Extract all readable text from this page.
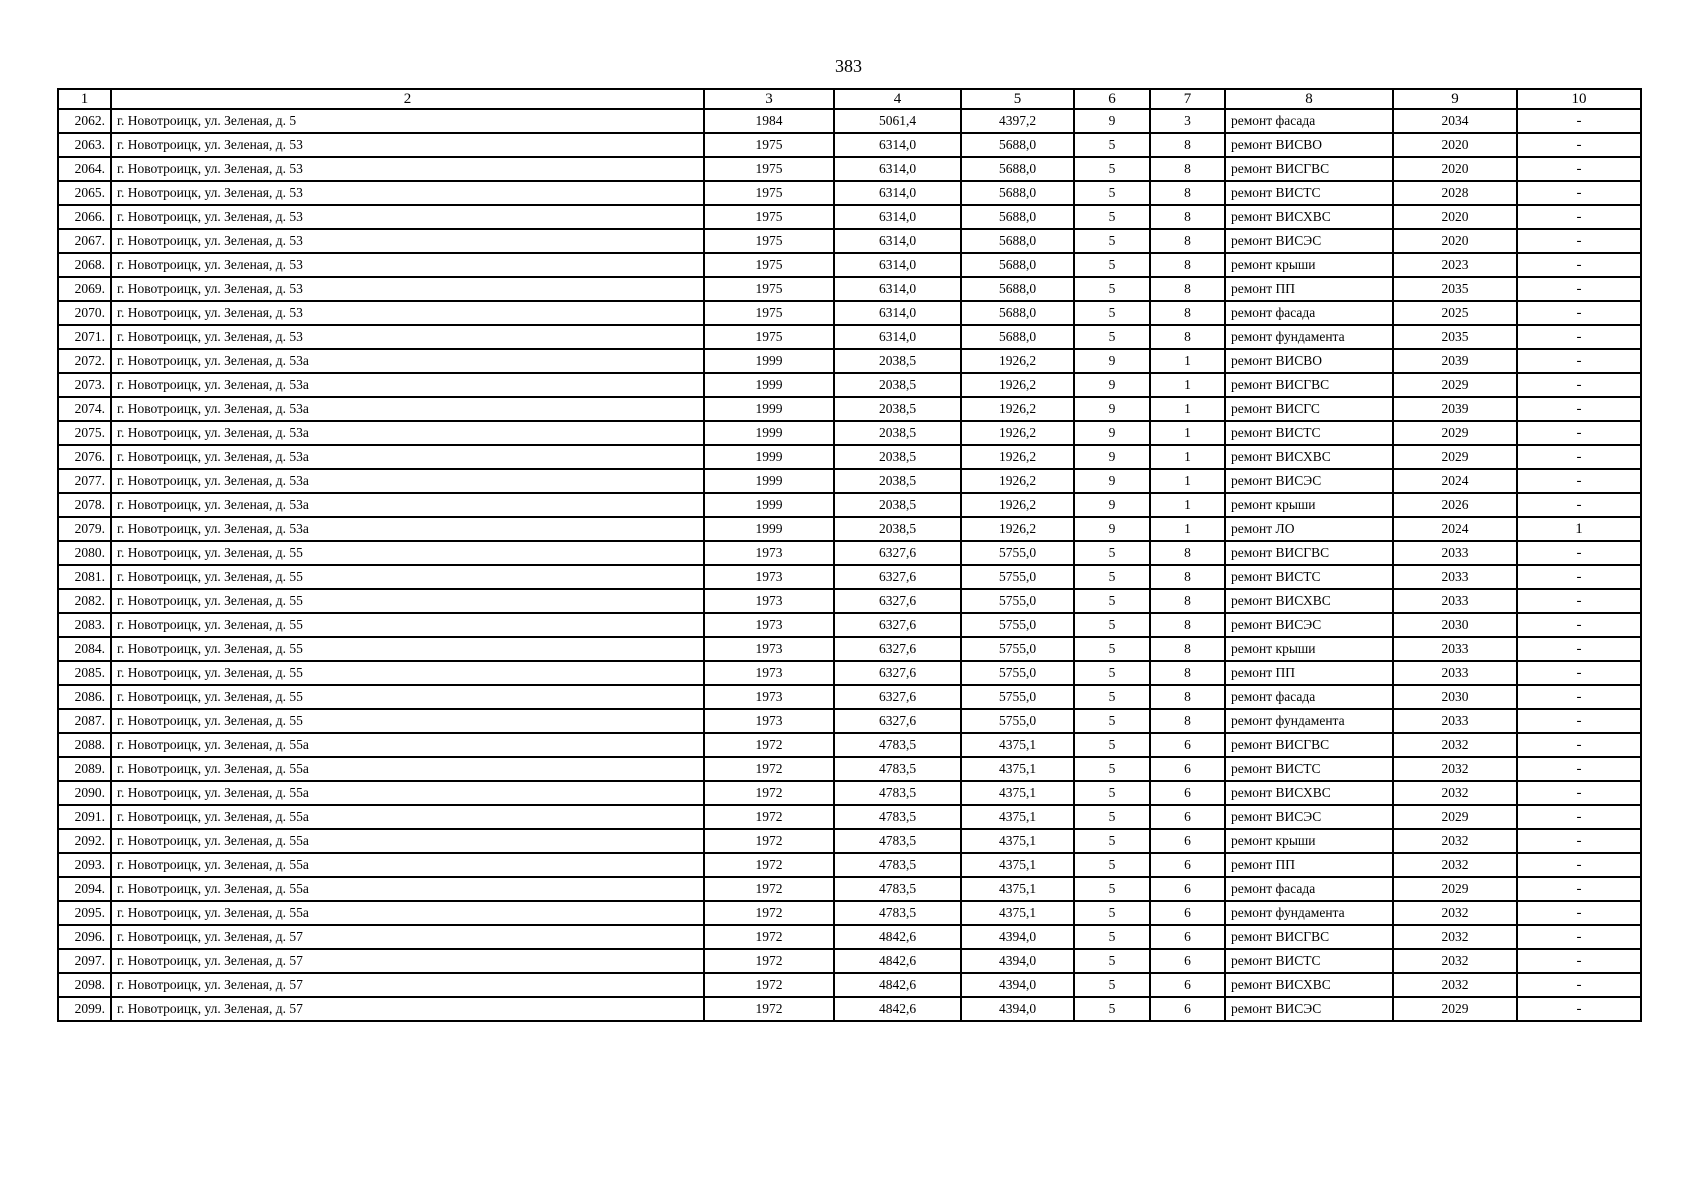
383
1	2	3	4	5	6	7	8	9	10
2062.	г. Новотроицк, ул. Зеленая, д. 5	1984	5061,4	4397,2	9	3	ремонт фасада	2034	-
2063.	г. Новотроицк, ул. Зеленая, д. 53	1975	6314,0	5688,0	5	8	ремонт ВИСВО	2020	-
2064.	г. Новотроицк, ул. Зеленая, д. 53	1975	6314,0	5688,0	5	8	ремонт ВИСГВС	2020	-
2065.	г. Новотроицк, ул. Зеленая, д. 53	1975	6314,0	5688,0	5	8	ремонт ВИСТС	2028	-
2066.	г. Новотроицк, ул. Зеленая, д. 53	1975	6314,0	5688,0	5	8	ремонт ВИСХВС	2020	-
2067.	г. Новотроицк, ул. Зеленая, д. 53	1975	6314,0	5688,0	5	8	ремонт ВИСЭС	2020	-
2068.	г. Новотроицк, ул. Зеленая, д. 53	1975	6314,0	5688,0	5	8	ремонт крыши	2023	-
2069.	г. Новотроицк, ул. Зеленая, д. 53	1975	6314,0	5688,0	5	8	ремонт ПП	2035	-
2070.	г. Новотроицк, ул. Зеленая, д. 53	1975	6314,0	5688,0	5	8	ремонт фасада	2025	-
2071.	г. Новотроицк, ул. Зеленая, д. 53	1975	6314,0	5688,0	5	8	ремонт фундамента	2035	-
2072.	г. Новотроицк, ул. Зеленая, д. 53а	1999	2038,5	1926,2	9	1	ремонт ВИСВО	2039	-
2073.	г. Новотроицк, ул. Зеленая, д. 53а	1999	2038,5	1926,2	9	1	ремонт ВИСГВС	2029	-
2074.	г. Новотроицк, ул. Зеленая, д. 53а	1999	2038,5	1926,2	9	1	ремонт ВИСГС	2039	-
2075.	г. Новотроицк, ул. Зеленая, д. 53а	1999	2038,5	1926,2	9	1	ремонт ВИСТС	2029	-
2076.	г. Новотроицк, ул. Зеленая, д. 53а	1999	2038,5	1926,2	9	1	ремонт ВИСХВС	2029	-
2077.	г. Новотроицк, ул. Зеленая, д. 53а	1999	2038,5	1926,2	9	1	ремонт ВИСЭС	2024	-
2078.	г. Новотроицк, ул. Зеленая, д. 53а	1999	2038,5	1926,2	9	1	ремонт крыши	2026	-
2079.	г. Новотроицк, ул. Зеленая, д. 53а	1999	2038,5	1926,2	9	1	ремонт ЛО	2024	1
2080.	г. Новотроицк, ул. Зеленая, д. 55	1973	6327,6	5755,0	5	8	ремонт ВИСГВС	2033	-
2081.	г. Новотроицк, ул. Зеленая, д. 55	1973	6327,6	5755,0	5	8	ремонт ВИСТС	2033	-
2082.	г. Новотроицк, ул. Зеленая, д. 55	1973	6327,6	5755,0	5	8	ремонт ВИСХВС	2033	-
2083.	г. Новотроицк, ул. Зеленая, д. 55	1973	6327,6	5755,0	5	8	ремонт ВИСЭС	2030	-
2084.	г. Новотроицк, ул. Зеленая, д. 55	1973	6327,6	5755,0	5	8	ремонт крыши	2033	-
2085.	г. Новотроицк, ул. Зеленая, д. 55	1973	6327,6	5755,0	5	8	ремонт ПП	2033	-
2086.	г. Новотроицк, ул. Зеленая, д. 55	1973	6327,6	5755,0	5	8	ремонт фасада	2030	-
2087.	г. Новотроицк, ул. Зеленая, д. 55	1973	6327,6	5755,0	5	8	ремонт фундамента	2033	-
2088.	г. Новотроицк, ул. Зеленая, д. 55а	1972	4783,5	4375,1	5	6	ремонт ВИСГВС	2032	-
2089.	г. Новотроицк, ул. Зеленая, д. 55а	1972	4783,5	4375,1	5	6	ремонт ВИСТС	2032	-
2090.	г. Новотроицк, ул. Зеленая, д. 55а	1972	4783,5	4375,1	5	6	ремонт ВИСХВС	2032	-
2091.	г. Новотроицк, ул. Зеленая, д. 55а	1972	4783,5	4375,1	5	6	ремонт ВИСЭС	2029	-
2092.	г. Новотроицк, ул. Зеленая, д. 55а	1972	4783,5	4375,1	5	6	ремонт крыши	2032	-
2093.	г. Новотроицк, ул. Зеленая, д. 55а	1972	4783,5	4375,1	5	6	ремонт ПП	2032	-
2094.	г. Новотроицк, ул. Зеленая, д. 55а	1972	4783,5	4375,1	5	6	ремонт фасада	2029	-
2095.	г. Новотроицк, ул. Зеленая, д. 55а	1972	4783,5	4375,1	5	6	ремонт фундамента	2032	-
2096.	г. Новотроицк, ул. Зеленая, д. 57	1972	4842,6	4394,0	5	6	ремонт ВИСГВС	2032	-
2097.	г. Новотроицк, ул. Зеленая, д. 57	1972	4842,6	4394,0	5	6	ремонт ВИСТС	2032	-
2098.	г. Новотроицк, ул. Зеленая, д. 57	1972	4842,6	4394,0	5	6	ремонт ВИСХВС	2032	-
2099.	г. Новотроицк, ул. Зеленая, д. 57	1972	4842,6	4394,0	5	6	ремонт ВИСЭС	2029	-
